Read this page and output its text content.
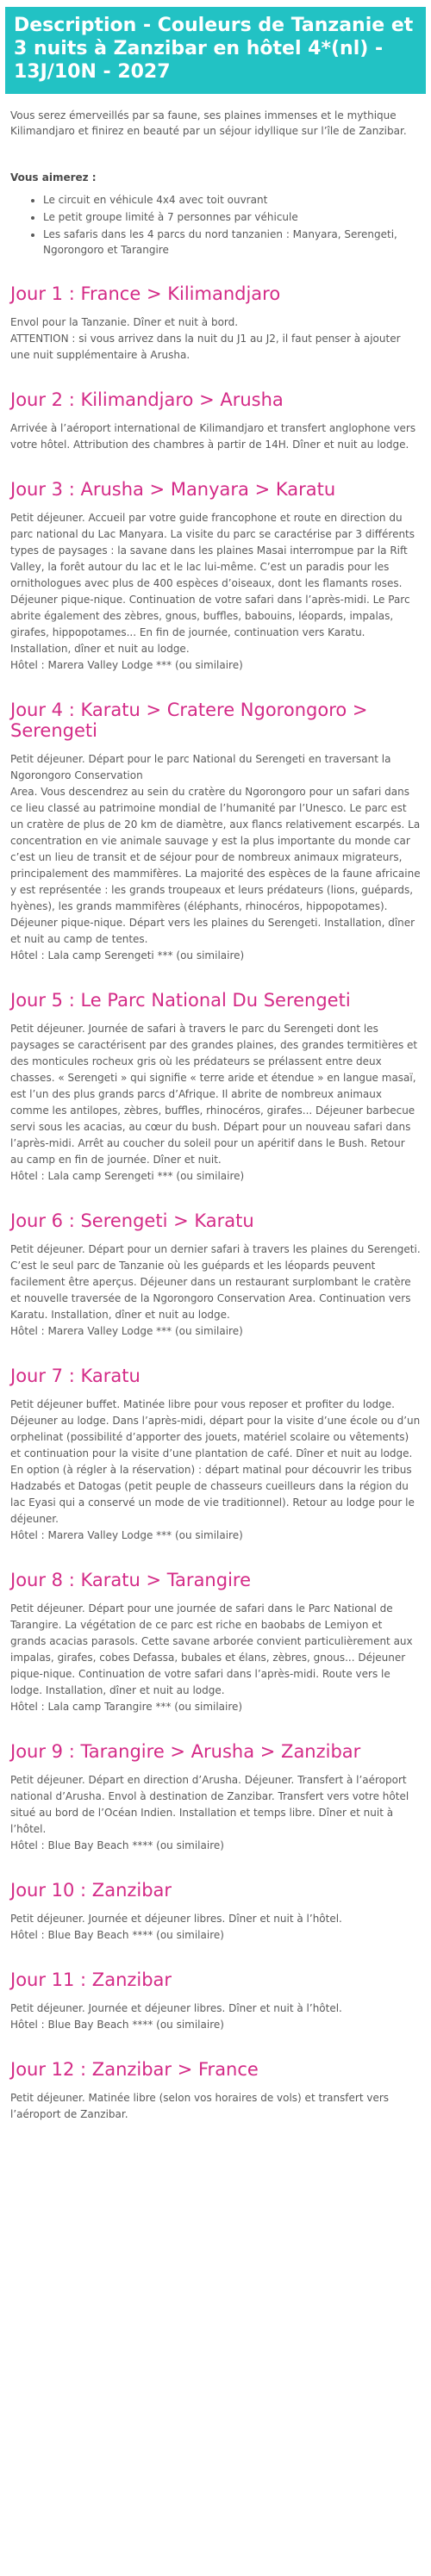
Description - Couleurs de Tanzanie et 3 nuits à Zanzibar en hôtel 4*(nl) - 13J/10N - 2027

Vous serez émerveillés par sa faune, ses plaines immenses et le mythique Kilimandjaro et finirez en beauté par un séjour idyllique sur l’île de Zanzibar.

Vous aimerez :
• Le circuit en véhicule 4x4 avec toit ouvrant
• Le petit groupe limité à 7 personnes par véhicule
• Les safaris dans les 4 parcs du nord tanzanien : Manyara, Serengeti, Ngorongoro et Tarangire
Jour 1 : France > Kilimandjaro

Envol pour la Tanzanie. Dîner et nuit à bord.
ATTENTION : si vous arrivez dans la nuit du J1 au J2, il faut penser à ajouter une nuit supplémentaire à Arusha.

Jour 2 : Kilimandjaro > Arusha

Arrivée à l’aéroport international de Kilimandjaro et transfert anglophone vers votre hôtel. Attribution des chambres à partir de 14H. Dîner et nuit au lodge.

Jour 3 : Arusha > Manyara > Karatu

Petit déjeuner. Accueil par votre guide francophone et route en direction du parc national du Lac Manyara. La visite du parc se caractérise par 3 différents types de paysages : la savane dans les plaines Masai interrompue par la Rift Valley, la forêt autour du lac et le lac lui-même. C’est un paradis pour les ornithologues avec plus de 400 espèces d’oiseaux, dont les flamants roses. Déjeuner pique-nique. Continuation de votre safari dans l’après-midi. Le Parc abrite également des zèbres, gnous, buffles, babouins, léopards, impalas, girafes, hippopotames... En fin de journée, continuation vers Karatu. Installation, dîner et nuit au lodge.
Hôtel : Marera Valley Lodge *** (ou similaire)

Jour 4 : Karatu > Cratere Ngorongoro > Serengeti

Petit déjeuner. Départ pour le parc National du Serengeti en traversant la Ngorongoro Conservation
Area. Vous descendrez au sein du cratère du Ngorongoro pour un safari dans ce lieu classé au patrimoine mondial de l’humanité par l’Unesco. Le parc est un cratère de plus de 20 km de diamètre, aux flancs relativement escarpés. La concentration en vie animale sauvage y est la plus importante du monde car c’est un lieu de transit et de séjour pour de nombreux animaux migrateurs, principalement des mammifères. La majorité des espèces de la faune africaine y est représentée : les grands troupeaux et leurs prédateurs (lions, guépards, hyènes), les grands mammifères (éléphants, rhinocéros, hippopotames). Déjeuner pique-nique. Départ vers les plaines du Serengeti. Installation, dîner et nuit au camp de tentes.
Hôtel : Lala camp Serengeti *** (ou similaire)

Jour 5 : Le Parc National Du Serengeti

Petit déjeuner. Journée de safari à travers le parc du Serengeti dont les paysages se caractérisent par des grandes plaines, des grandes termitières et des monticules rocheux gris où les prédateurs se prélassent entre deux chasses. « Serengeti » qui signifie « terre aride et étendue » en langue masaï, est l’un des plus grands parcs d’Afrique. Il abrite de nombreux animaux comme les antilopes, zèbres, buffles, rhinocéros, girafes... Déjeuner barbecue servi sous les acacias, au cœur du bush. Départ pour un nouveau safari dans l’après-midi. Arrêt au coucher du soleil pour un apéritif dans le Bush. Retour au camp en fin de journée. Dîner et nuit.
Hôtel : Lala camp Serengeti *** (ou similaire)

Jour 6 : Serengeti > Karatu

Petit déjeuner. Départ pour un dernier safari à travers les plaines du Serengeti. C’est le seul parc de Tanzanie où les guépards et les léopards peuvent facilement être aperçus. Déjeuner dans un restaurant surplombant le cratère et nouvelle traversée de la Ngorongoro Conservation Area. Continuation vers Karatu. Installation, dîner et nuit au lodge.
Hôtel : Marera Valley Lodge *** (ou similaire)

Jour 7 : Karatu

Petit déjeuner buffet. Matinée libre pour vous reposer et profiter du lodge. Déjeuner au lodge. Dans l’après-midi, départ pour la visite d’une école ou d’un orphelinat (possibilité d’apporter des jouets, matériel scolaire ou vêtements) et continuation pour la visite d’une plantation de café. Dîner et nuit au lodge.
En option (à régler à la réservation) : départ matinal pour découvrir les tribus Hadzabés et Datogas (petit peuple de chasseurs cueilleurs dans la région du lac Eyasi qui a conservé un mode de vie traditionnel). Retour au lodge pour le déjeuner.
Hôtel : Marera Valley Lodge *** (ou similaire)

Jour 8 : Karatu > Tarangire

Petit déjeuner. Départ pour une journée de safari dans le Parc National de Tarangire. La végétation de ce parc est riche en baobabs de Lemiyon et grands acacias parasols. Cette savane arborée convient particulièrement aux impalas, girafes, cobes Defassa, bubales et élans, zèbres, gnous... Déjeuner pique-nique. Continuation de votre safari dans l’après-midi. Route vers le lodge. Installation, dîner et nuit au lodge.
Hôtel : Lala camp Tarangire *** (ou similaire)

Jour 9 : Tarangire > Arusha > Zanzibar

Petit déjeuner. Départ en direction d’Arusha. Déjeuner. Transfert à l’aéroport national d’Arusha. Envol à destination de Zanzibar. Transfert vers votre hôtel situé au bord de l’Océan Indien. Installation et temps libre. Dîner et nuit à l’hôtel.
Hôtel : Blue Bay Beach **** (ou similaire)

Jour 10 : Zanzibar

Petit déjeuner. Journée et déjeuner libres. Dîner et nuit à l’hôtel.
Hôtel : Blue Bay Beach **** (ou similaire)

Jour 11 : Zanzibar

Petit déjeuner. Journée et déjeuner libres. Dîner et nuit à l’hôtel.
Hôtel : Blue Bay Beach **** (ou similaire)

Jour 12 : Zanzibar > France

Petit déjeuner. Matinée libre (selon vos horaires de vols) et transfert vers l’aéroport de Zanzibar.
